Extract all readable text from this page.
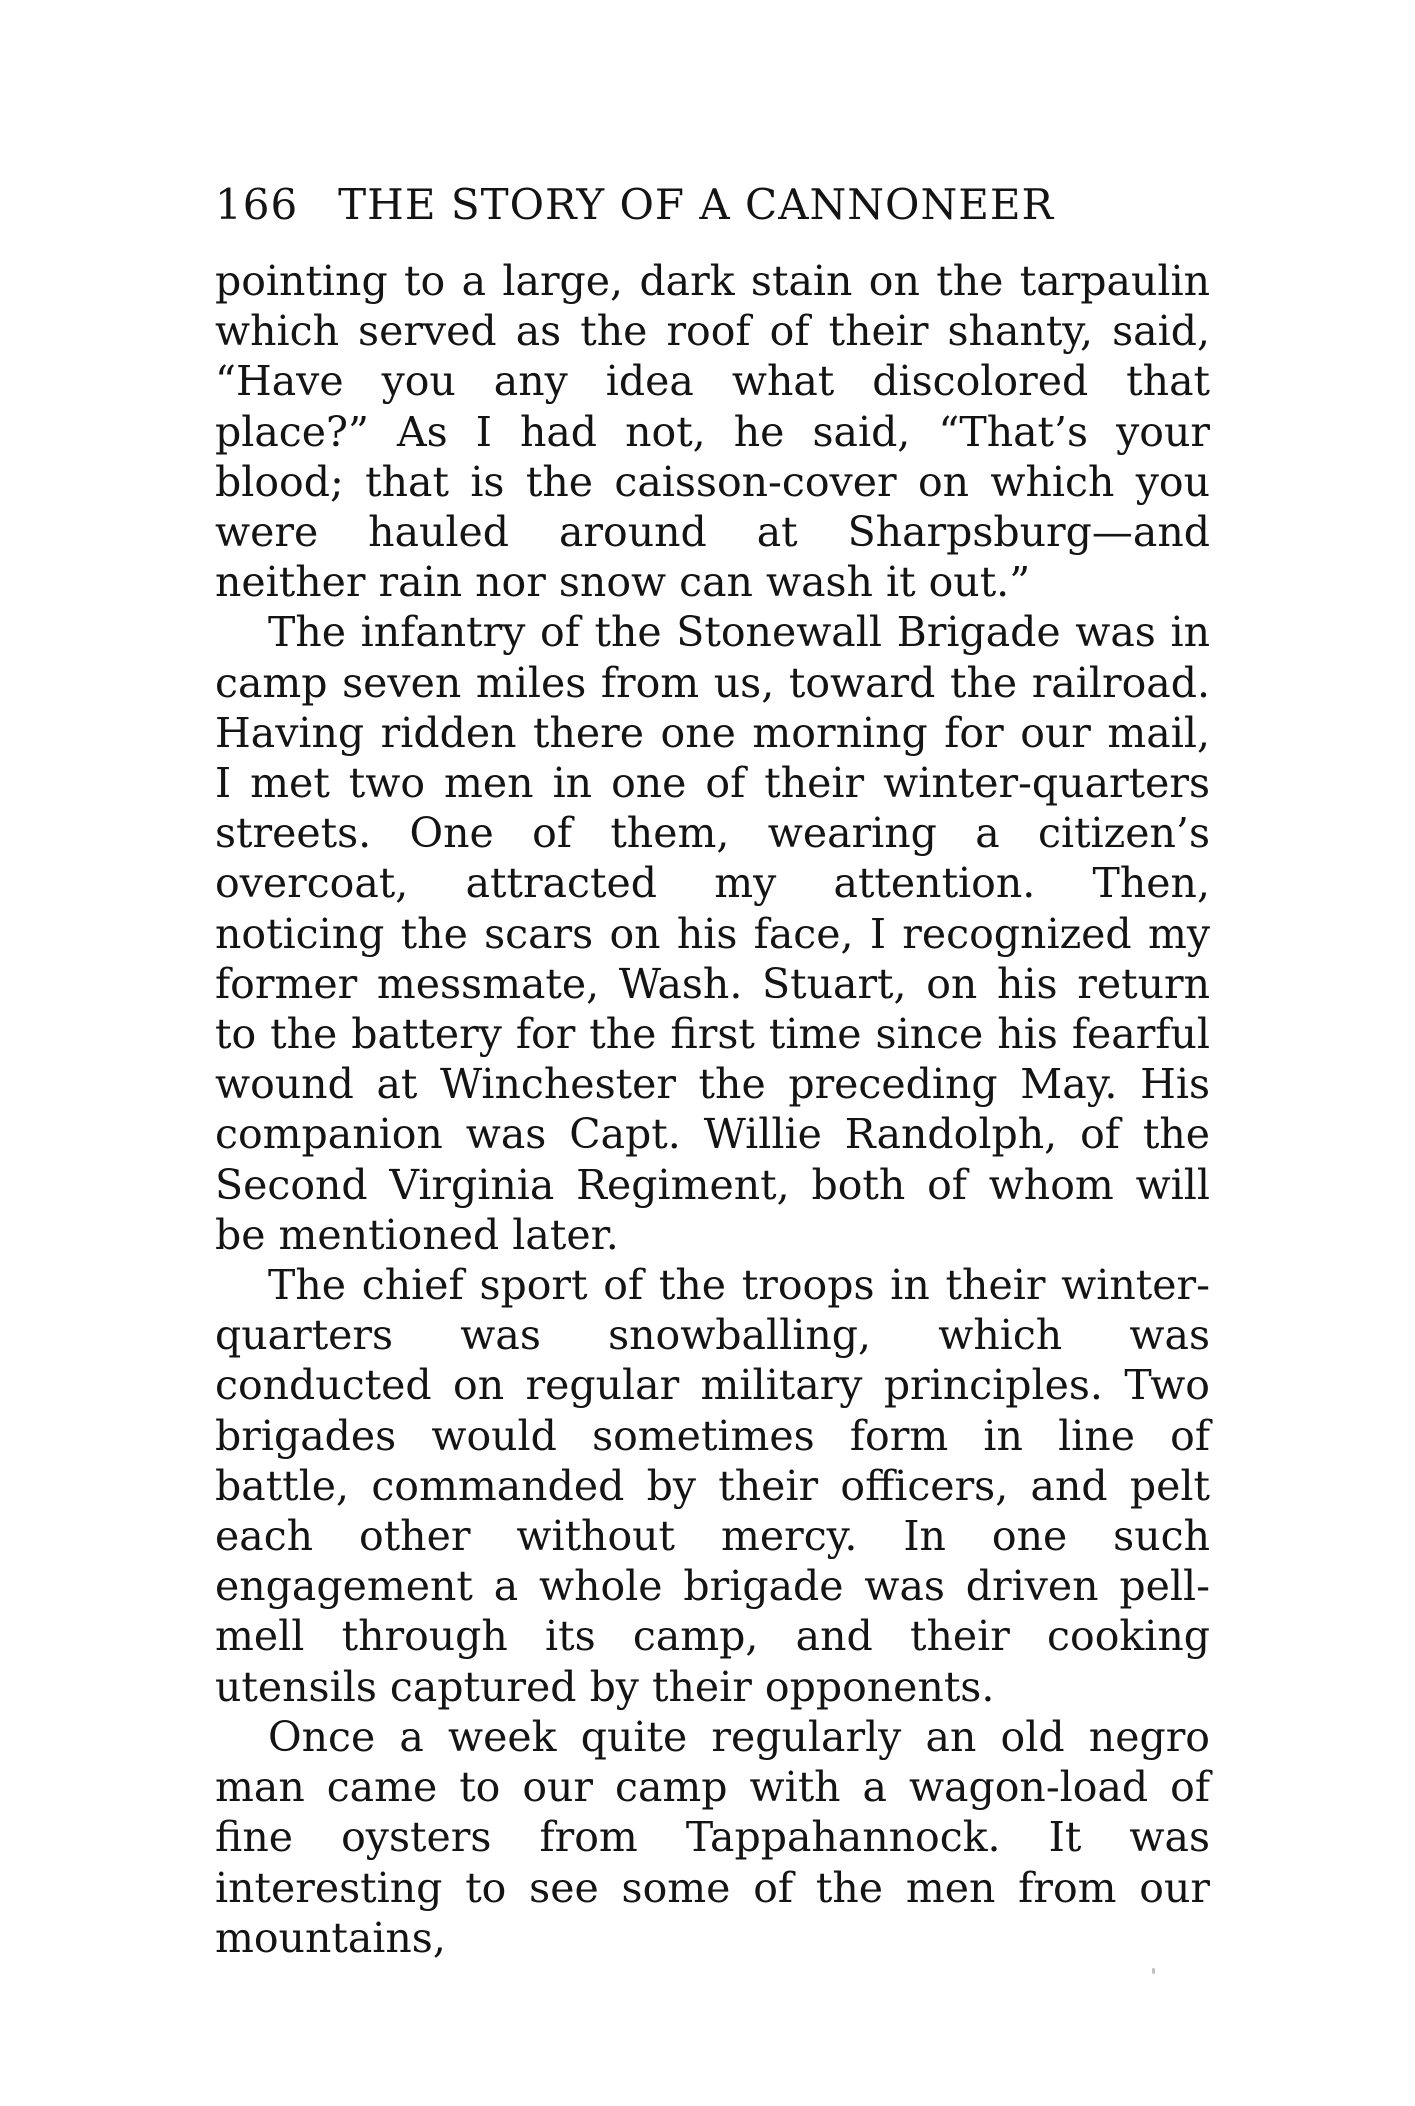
166 THE STORY OF A CANNONEER

pointing to a large, dark stain on the tarpaulin which served as the roof of their shanty, said, “Have you any idea what discolored that place?” As I had not, he said, “That’s your blood; that is the caisson-cover on which you were hauled around at Sharpsburg—and neither rain nor snow can wash it out.”

The infantry of the Stonewall Brigade was in camp seven miles from us, toward the railroad. Having ridden there one morning for our mail, I met two men in one of their winter-quarters streets. One of them, wearing a citizen’s overcoat, attracted my attention. Then, noticing the scars on his face, I recognized my former messmate, Wash. Stuart, on his return to the battery for the first time since his fearful wound at Winchester the preceding May. His companion was Capt. Willie Randolph, of the Second Virginia Regiment, both of whom will be mentioned later.

The chief sport of the troops in their winter-quarters was snowballing, which was conducted on regular military principles. Two brigades would sometimes form in line of battle, commanded by their officers, and pelt each other without mercy. In one such engagement a whole brigade was driven pell-mell through its camp, and their cooking utensils captured by their opponents.

Once a week quite regularly an old negro man came to our camp with a wagon-load of fine oysters from Tappahannock. It was interesting to see some of the men from our mountains,
